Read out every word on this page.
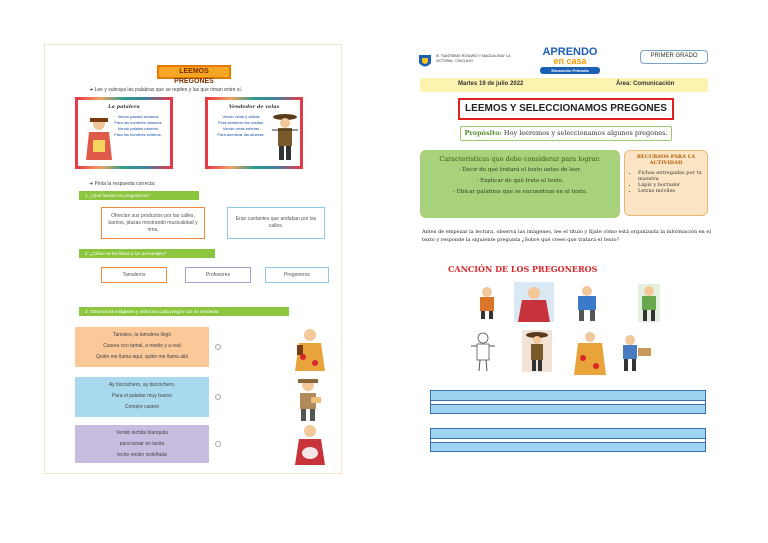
LEEMOS PREGONES
➜ Lee y subraya las palabras que se repiten y las que riman entre sí.
La patalera
Vendo patales dorados
Para las hombres casados
Vendo patales caseros
Para los hombres solteros.
Vendedor de velas
Vendo velas y velitas
Para alumbrar las casitas.
Vendo velas enteras
Para alumbrar las afueras.
➜ Pinta la respuesta correcta:
1. ¿Qué hacían los pregoneros?
Ofrecían sus productos por las calles, barrios, plazas mostrando musicalidad y rima.
Eran cantantes que andaban por las calles.
2. ¿Cómo se les llama a los personajes?
Tamaleros	Profesores	Pregoneros
3. Observa las imágenes y relaciona cada pregón con su vendedor.
Tamales, la tamalera llegó
Casera rico tamal, a medio y a real
Quién me llama aquí, quién me llama allá
Ay bizcochero, ay bizcochero,
Para el paladar muy bueno
Compre casero
Vendo lechita blanquita
para tomar en tacita
leche recién ordeñada
IE "SANTÍSIMO ROSARIO Y MAGDALENA" LA VICTORIA - CHICLAYO
APRENDO
en casa
Educación Primaria
PRIMER GRADO
Martes 19 de julio 2022	Área: Comunicación
LEEMOS Y SELECCIONAMOS PREGONES
Propósito: Hoy leeremos y seleccionamos algunos pregones.
Características que debo considerar para lograr:
- Decir de qué tratará el texto antes de leer.
- Explicar de qué trata el texto.
- Ubicar palabras que se encuentran en el texto.
RECURSOS PARA LA ACTIVIDAD
• Fichas entregadas por tu maestra
• Lápiz y borrador
• Letras móviles
Antes de empezar la lectura, observa las imágenes, lee el título y fíjate cómo está organizada la información en el texto y responde la siguiente pregunta ¿Sobre qué crees que tratará el texto?
CANCIÓN DE LOS PREGONEROS
